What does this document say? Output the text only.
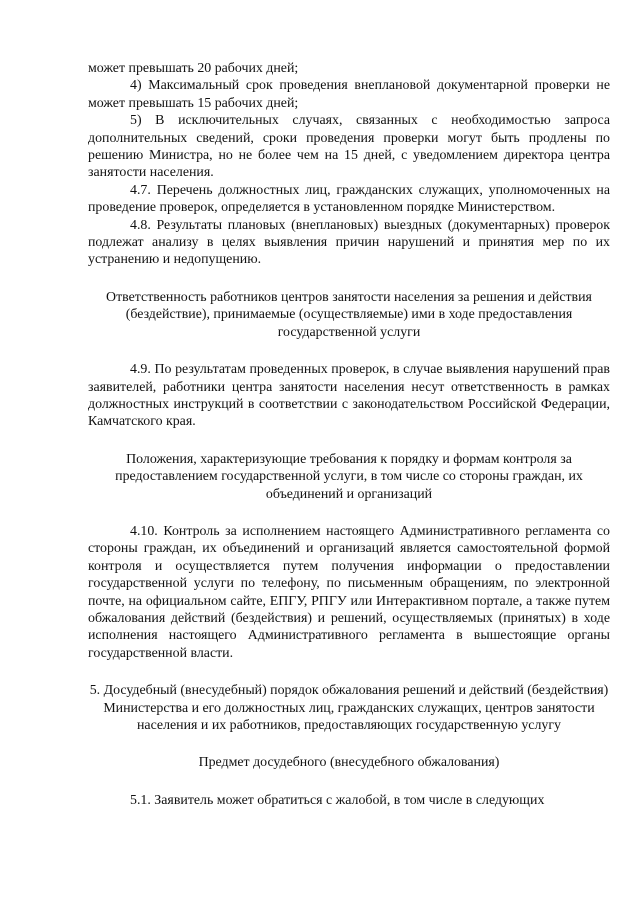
может превышать 20 рабочих дней;

4) Максимальный срок проведения внеплановой документарной проверки не может превышать 15 рабочих дней;

5) В исключительных случаях, связанных с необходимостью запроса дополнительных сведений, сроки проведения проверки могут быть продлены по решению Министра, но не более чем на 15 дней, с уведомлением директора центра занятости населения.

4.7. Перечень должностных лиц, гражданских служащих, уполномоченных на проведение проверок, определяется в установленном порядке Министерством.

4.8. Результаты плановых (внеплановых) выездных (документарных) проверок подлежат анализу в целях выявления причин нарушений и принятия мер по их устранению и недопущению.

Ответственность работников центров занятости населения за решения и действия (бездействие), принимаемые (осуществляемые) ими в ходе предоставления государственной услуги

4.9. По результатам проведенных проверок, в случае выявления нарушений прав заявителей, работники центра занятости населения несут ответственность в рамках должностных инструкций в соответствии с законодательством Российской Федерации, Камчатского края.

Положения, характеризующие требования к порядку и формам контроля за предоставлением государственной услуги, в том числе со стороны граждан, их объединений и организаций

4.10. Контроль за исполнением настоящего Административного регламента со стороны граждан, их объединений и организаций является самостоятельной формой контроля и осуществляется путем получения информации о предоставлении государственной услуги по телефону, по письменным обращениям, по электронной почте, на официальном сайте, ЕПГУ, РПГУ или Интерактивном портале, а также путем обжалования действий (бездействия) и решений, осуществляемых (принятых) в ходе исполнения настоящего Административного регламента в вышестоящие органы государственной власти.

5. Досудебный (внесудебный) порядок обжалования решений и действий (бездействия) Министерства и его должностных лиц, гражданских служащих, центров занятости населения и их работников, предоставляющих государственную услугу
Предмет досудебного (внесудебного обжалования)

5.1. Заявитель может обратиться с жалобой, в том числе в следующих
